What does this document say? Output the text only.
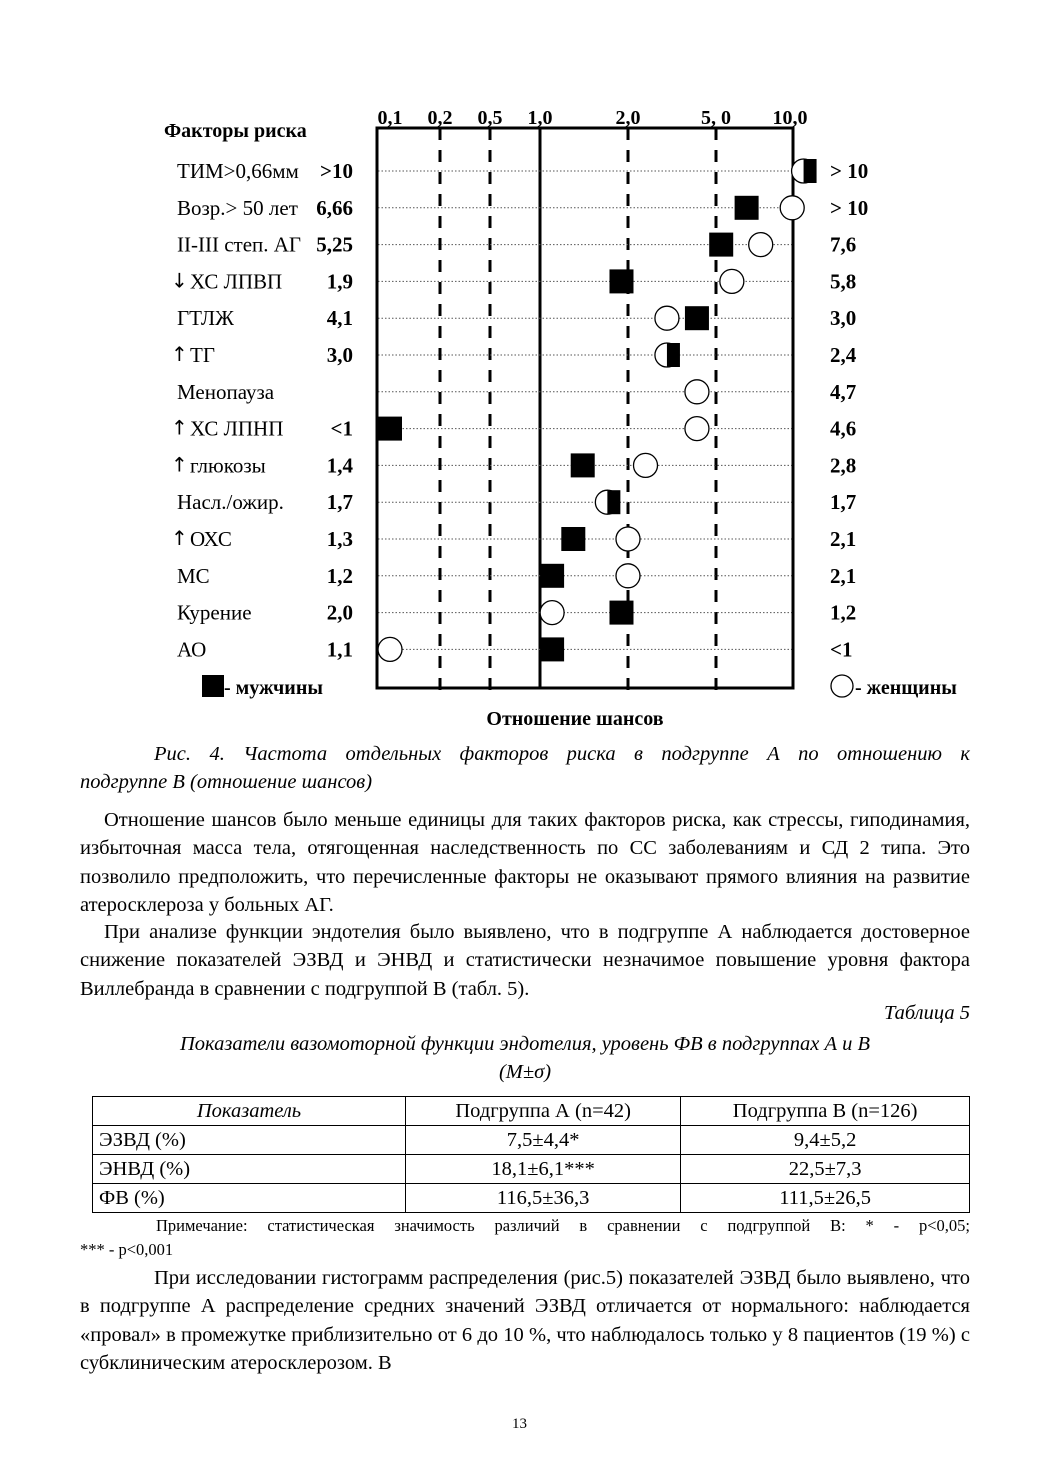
Факторы риска
0,1 0,2 0,5 1,0	2,0	5, 0 10,0
ТИМ>0,66мм >10	> 10
Возр.> 50 лет 6,66	> 10
II-III степ. АГ 5,25	7,6
↓ ХС ЛПВП 1,9	5,8
ГТЛЖ	4,1	3,0
↑ ТГ	3,0	2,4
Менопауза	4,7
↑ ХС ЛПНП <1	4,6
↑ глюкозы	1,4	2,8
Насл./ожир. 1,7	1,7
↑ ОХС	1,3	2,1
МС	1,2	2,1
Курение	2,0	1,2
АО	1,1	<1
- мужчины	- женщины
Отношение шансов
Рис. 4. Частота отдельных факторов риска в подгруппе А по отношению к
подгруппе В (отношение шансов)

Отношение шансов было меньше единицы для таких факторов риска, как стрессы, гиподинамия, избыточная масса тела, отягощенная наследственность по СС заболеваниям и СД 2 типа. Это позволило предположить, что перечисленные факторы не оказывают прямого влияния на развитие атеросклероза у больных АГ.

При анализе функции эндотелия было выявлено, что в подгруппе А наблюдается достоверное снижение показателей ЭЗВД и ЭНВД и статистически незначимое повышение уровня фактора Виллебранда в сравнении с подгруппой В (табл. 5).

Таблица 5
Показатели вазомоторной функции эндотелия, уровень ФВ в подгруппах А и В
(M±σ)
Показатель	Подгруппа А (n=42)	Подгруппа В (n=126)
ЭЗВД (%)	7,5±4,4*	9,4±5,2
ЭНВД (%)	18,1±6,1***	22,5±7,3
ФВ (%)	116,5±36,3	111,5±26,5
Примечание: статистическая значимость различий в сравнении с подгруппой В: * - p<0,05;
*** - p<0,001

При исследовании гистограмм распределения (рис.5) показателей ЭЗВД было выявлено, что в подгруппе А распределение средних значений ЭЗВД отличается от нормального: наблюдается «провал» в промежутке приблизительно от 6 до 10 %, что наблюдалось только у 8 пациентов (19 %) с субклиническим атеросклерозом. В

13
